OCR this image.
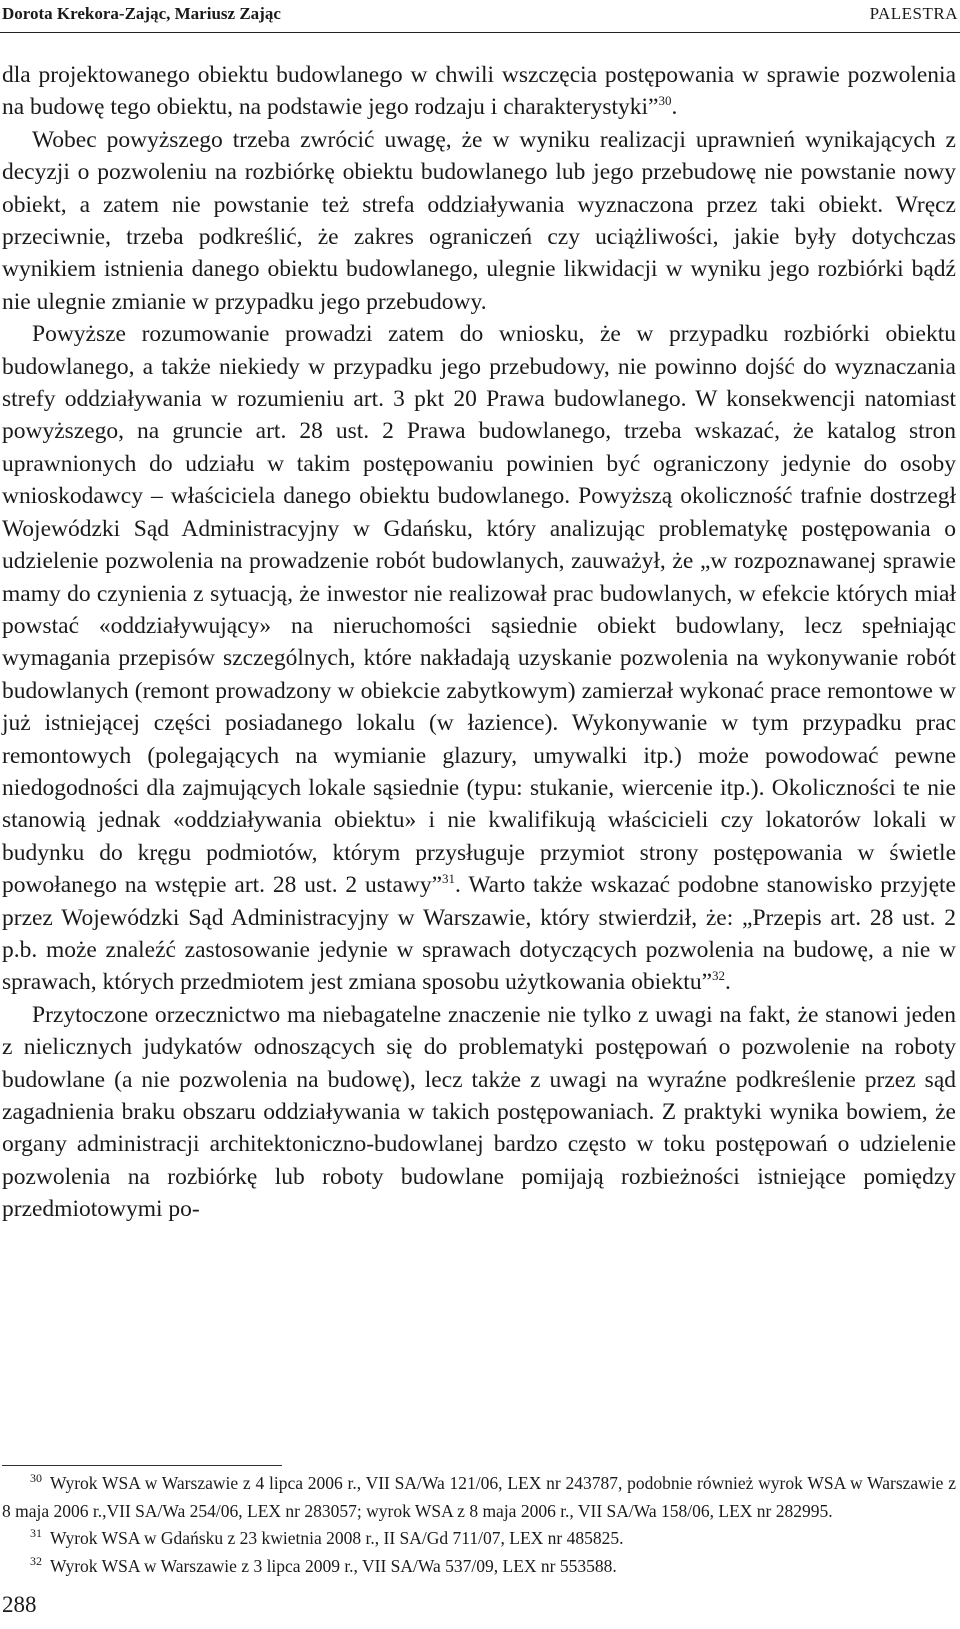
Dorota Krekora-Zając, Mariusz Zając	PALESTRA

dla projektowanego obiektu budowlanego w chwili wszczęcia postępowania w sprawie pozwolenia na budowę tego obiektu, na podstawie jego rodzaju i charakterystyki”$^{30}$.

Wobec powyższego trzeba zwrócić uwagę, że w wyniku realizacji uprawnień wynikających z decyzji o pozwoleniu na rozbiórkę obiektu budowlanego lub jego przebudowę nie powstanie nowy obiekt, a zatem nie powstanie też strefa oddziaływania wyznaczona przez taki obiekt. Wręcz przeciwnie, trzeba podkreślić, że zakres ograniczeń czy uciążliwości, jakie były dotychczas wynikiem istnienia danego obiektu budowlanego, ulegnie likwidacji w wyniku jego rozbiórki bądź nie ulegnie zmianie w przypadku jego przebudowy.

Powyższe rozumowanie prowadzi zatem do wniosku, że w przypadku rozbiórki obiektu budowlanego, a także niekiedy w przypadku jego przebudowy, nie powinno dojść do wyznaczania strefy oddziaływania w rozumieniu art. 3 pkt 20 Prawa budowlanego. W konsekwencji natomiast powyższego, na gruncie art. 28 ust. 2 Prawa budowlanego, trzeba wskazać, że katalog stron uprawnionych do udziału w takim postępowaniu powinien być ograniczony jedynie do osoby wnioskodawcy – właściciela danego obiektu budowlanego. Powyższą okoliczność trafnie dostrzegł Wojewódzki Sąd Administracyjny w Gdańsku, który analizując problematykę postępowania o udzielenie pozwolenia na prowadzenie robót budowlanych, zauważył, że „w rozpoznawanej sprawie mamy do czynienia z sytuacją, że inwestor nie realizował prac budowlanych, w efekcie których miał powstać «oddziaływujący» na nieruchomości sąsiednie obiekt budowlany, lecz spełniając wymagania przepisów szczególnych, które nakładają uzyskanie pozwolenia na wykonywanie robót budowlanych (remont prowadzony w obiekcie zabytkowym) zamierzał wykonać prace remontowe w już istniejącej części posiadanego lokalu (w łazience). Wykonywanie w tym przypadku prac remontowych (polegających na wymianie glazury, umywalki itp.) może powodować pewne niedogodności dla zajmujących lokale sąsiednie (typu: stukanie, wiercenie itp.). Okoliczności te nie stanowią jednak «oddziaływania obiektu» i nie kwalifikują właścicieli czy lokatorów lokali w budynku do kręgu podmiotów, którym przysługuje przymiot strony postępowania w świetle powołanego na wstępie art. 28 ust. 2 ustawy”$^{31}$. Warto także wskazać podobne stanowisko przyjęte przez Wojewódzki Sąd Administracyjny w Warszawie, który stwierdził, że: „Przepis art. 28 ust. 2 p.b. może znaleźć zastosowanie jedynie w sprawach dotyczących pozwolenia na budowę, a nie w sprawach, których przedmiotem jest zmiana sposobu użytkowania obiektu”$^{32}$.

Przytoczone orzecznictwo ma niebagatelne znaczenie nie tylko z uwagi na fakt, że stanowi jeden z nielicznych judykatów odnoszących się do problematyki postępowań o pozwolenie na roboty budowlane (a nie pozwolenia na budowę), lecz także z uwagi na wyraźne podkreślenie przez sąd zagadnienia braku obszaru oddziaływania w takich postępowaniach. Z praktyki wynika bowiem, że organy administracji architektoniczno-budowlanej bardzo często w toku postępowań o udzielenie pozwolenia na rozbiórkę lub roboty budowlane pomijają rozbieżności istniejące pomiędzy przedmiotowymi po-

$^{30}$ Wyrok WSA w Warszawie z 4 lipca 2006 r., VII SA/Wa 121/06, LEX nr 243787, podobnie również wyrok WSA w Warszawie z 8 maja 2006 r.,VII SA/Wa 254/06, LEX nr 283057; wyrok WSA z 8 maja 2006 r., VII SA/Wa 158/06, LEX nr 282995.

$^{31}$ Wyrok WSA w Gdańsku z 23 kwietnia 2008 r., II SA/Gd 711/07, LEX nr 485825.

$^{32}$ Wyrok WSA w Warszawie z 3 lipca 2009 r., VII SA/Wa 537/09, LEX nr 553588.

288
